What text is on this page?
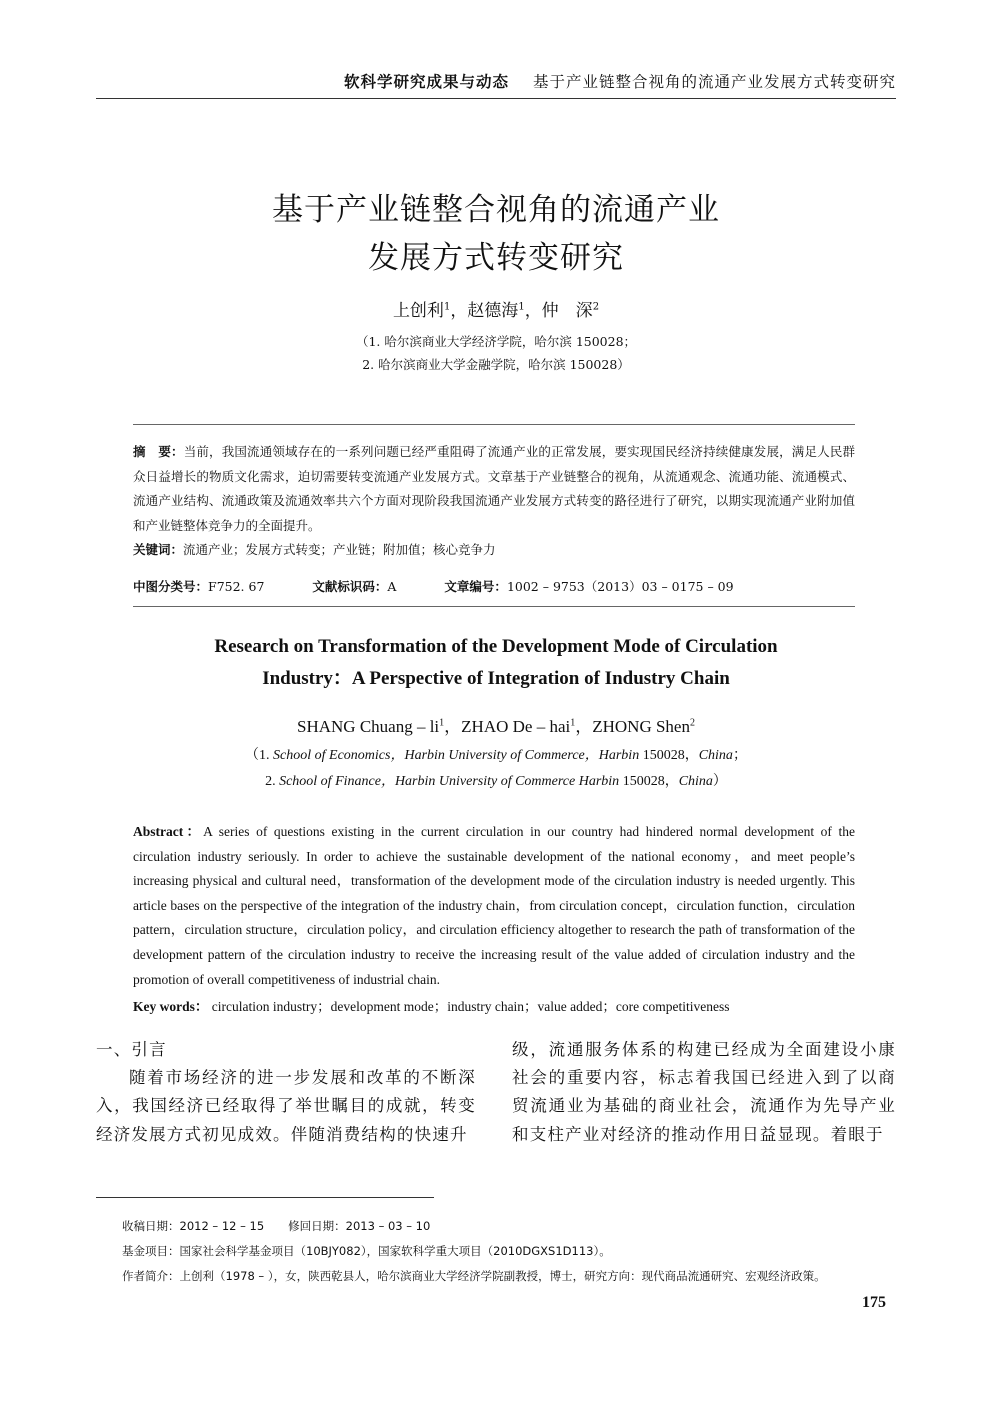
软科学研究成果与动态 基于产业链整合视角的流通产业发展方式转变研究
基于产业链整合视角的流通产业
发展方式转变研究
上创利$^1$，赵德海$^1$，仲　深$^2$
（1. 哈尔滨商业大学经济学院，哈尔滨 150028；
2. 哈尔滨商业大学金融学院，哈尔滨 150028）
摘　要：当前，我国流通领域存在的一系列问题已经严重阻碍了流通产业的正常发展，要实现国民经济持续健康发展，满足人民群众日益增长的物质文化需求，迫切需要转变流通产业发展方式。文章基于产业链整合的视角，从流通观念、流通功能、流通模式、流通产业结构、流通政策及流通效率共六个方面对现阶段我国流通产业发展方式转变的路径进行了研究，以期实现流通产业附加值和产业链整体竞争力的全面提升。
关键词：流通产业；发展方式转变；产业链；附加值；核心竞争力
中图分类号：F752. 67	文献标识码：A	文章编号：1002 – 9753（2013）03 – 0175 – 09
Research on Transformation of the Development Mode of Circulation
Industry：A Perspective of Integration of Industry Chain
SHANG Chuang – $li^1$，ZHAO De – hai$^1$，ZHONG Shen$^2$
（1. School of Economics，Harbin University of Commerce，Harbin 150028，China；
2. School of Finance，Harbin University of Commerce Harbin 150028，China）
Abstract：A series of questions existing in the current circulation in our country had hindered normal development of the circulation industry seriously. In order to achieve the sustainable development of the national economy，and meet people’s increasing physical and cultural need，transformation of the development mode of the circulation industry is needed urgently. This article bases on the perspective of the integration of the industry chain，from circulation concept，circulation function，circulation pattern，circulation structure，circulation policy，and circulation efficiency altogether to research the path of transformation of the development pattern of the circulation industry to receive the increasing result of the value added of circulation industry and the promotion of overall competitiveness of industrial chain.
Key words： circulation industry；development mode；industry chain；value added；core competitiveness
一、引言
随着市场经济的进一步发展和改革的不断深入，我国经济已经取得了举世瞩目的成就，转变经济发展方式初见成效。伴随消费结构的快速升
级，流通服务体系的构建已经成为全面建设小康社会的重要内容，标志着我国已经进入到了以商贸流通业为基础的商业社会，流通作为先导产业和支柱产业对经济的推动作用日益显现。着眼于
收稿日期：2012 – 12 – 15 修回日期：2013 – 03 – 10
基金项目：国家社会科学基金项目（10BJY082），国家软科学重大项目（2010DGXS1D113）。
作者简介：上创利（1978 – ），女，陕西乾县人，哈尔滨商业大学经济学院副教授，博士，研究方向：现代商品流通研究、宏观经济政策。
175
